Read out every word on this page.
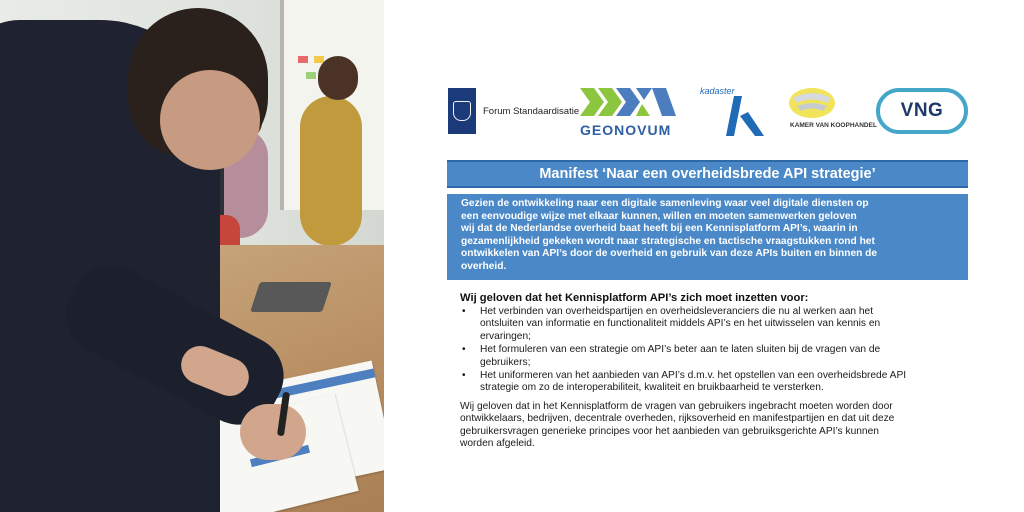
Forum Standaardisatie
GEONOVUM
kadaster
KAMER VAN KOOPHANDEL
VNG
Manifest ‘Naar een overheidsbrede API strategie’
Gezien de ontwikkeling naar een digitale samenleving waar veel digitale diensten op
een eenvoudige wijze met elkaar kunnen, willen en moeten samenwerken geloven
wij dat de Nederlandse overheid baat heeft bij een Kennisplatform API’s, waarin in
gezamenlijkheid gekeken wordt naar strategische en tactische vraagstukken rond het
ontwikkelen van API’s door de overheid en gebruik van deze APIs buiten en binnen de
overheid.
Wij geloven dat het Kennisplatform API’s zich moet inzetten voor:
•	Het verbinden van overheidspartijen en overheidsleveranciers die nu al werken aan het
ontsluiten van informatie en functionaliteit middels API’s en het uitwisselen van kennis en
ervaringen;
•	Het formuleren van een strategie om API’s beter aan te laten sluiten bij de vragen van de
gebruikers;
•	Het uniformeren van het aanbieden van API’s d.m.v. het opstellen van een overheidsbrede API
strategie om zo de interoperabiliteit, kwaliteit en bruikbaarheid te versterken.
Wij geloven dat in het Kennisplatform de vragen van gebruikers ingebracht moeten worden door
ontwikkelaars, bedrijven, decentrale overheden, rijksoverheid en manifestpartijen en dat uit deze
gebruikersvragen generieke principes voor het aanbieden van gebruiksgerichte API’s kunnen
worden afgeleid.
